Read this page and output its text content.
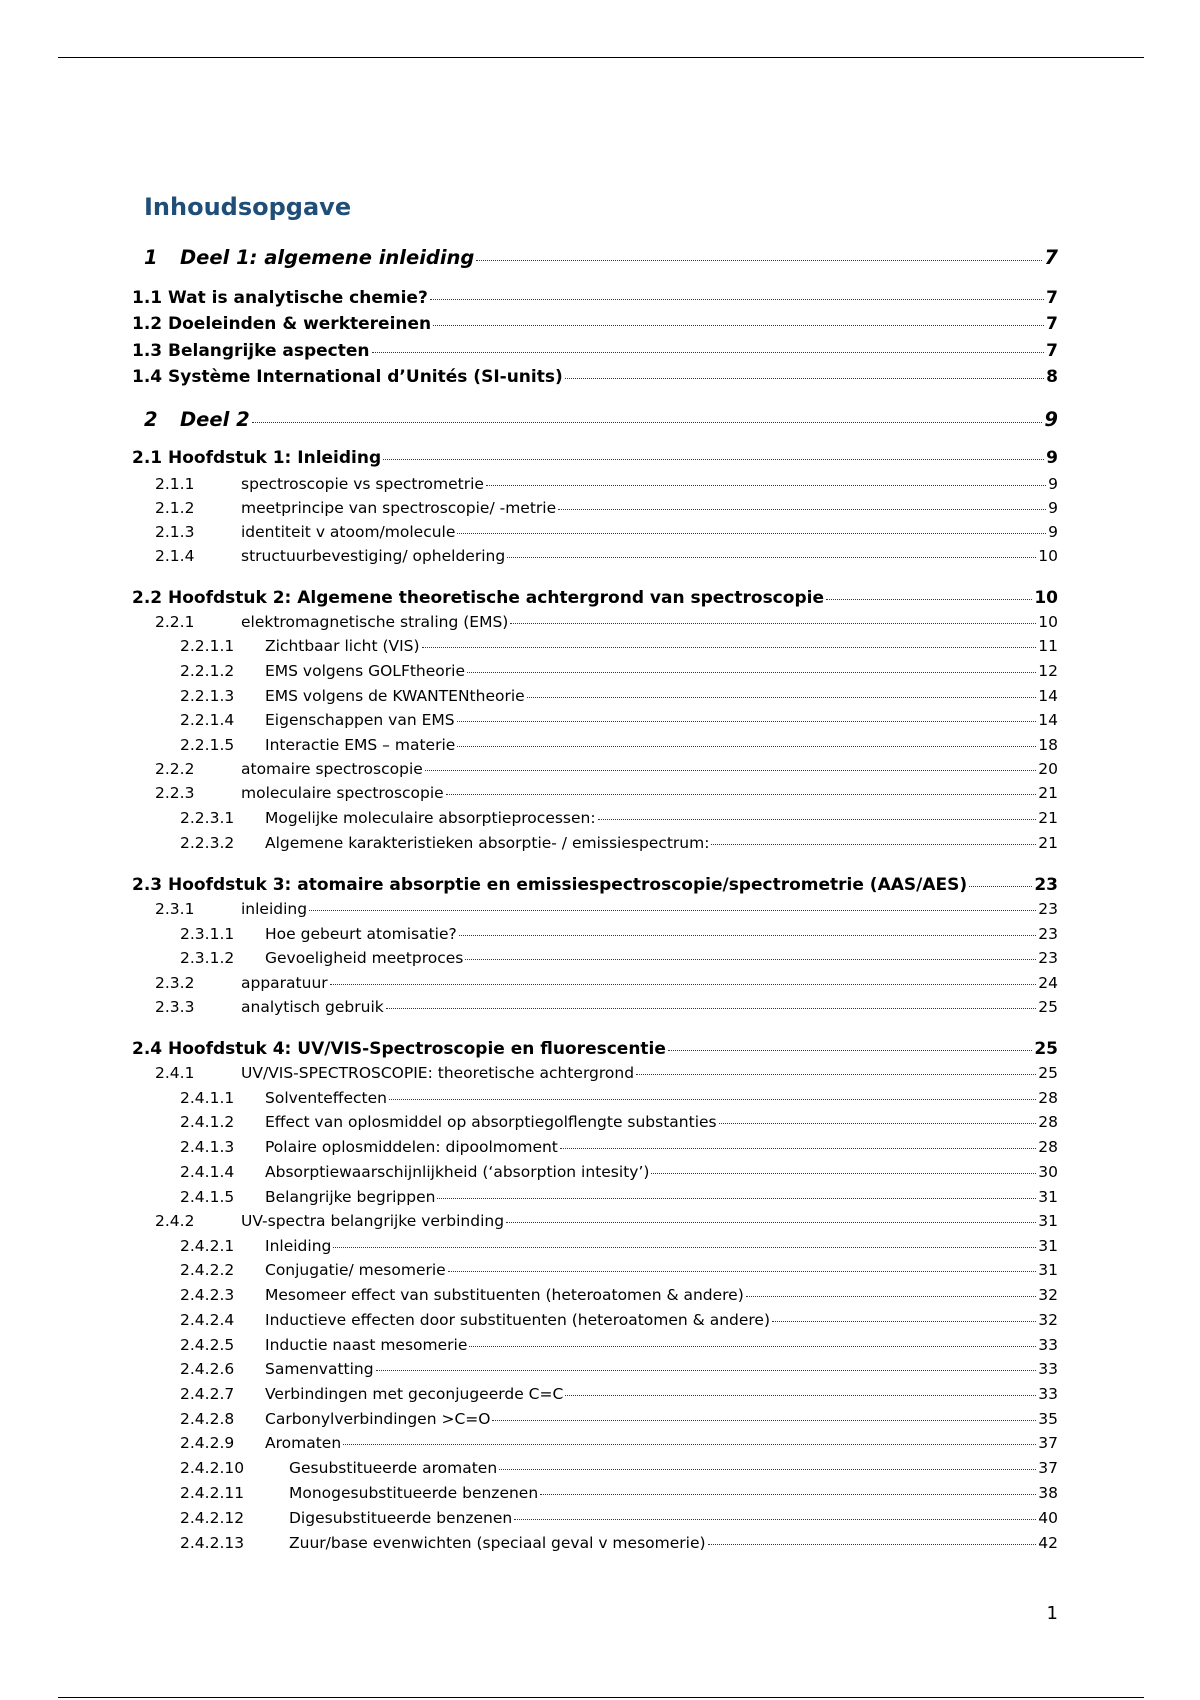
Inhoudsopgave
1	Deel 1: algemene inleiding	7
1.1 Wat is analytische chemie?	7
1.2 Doeleinden & werktereinen	7
1.3 Belangrijke aspecten	7
1.4 Système International d’Unités (SI-units)	8
2	Deel 2	9
2.1 Hoofdstuk 1: Inleiding	9
2.1.1	spectroscopie vs spectrometrie	9
2.1.2	meetprincipe van spectroscopie/ -metrie	9
2.1.3	identiteit v atoom/molecule	9
2.1.4	structuurbevestiging/ opheldering	10
2.2 Hoofdstuk 2: Algemene theoretische achtergrond van spectroscopie	10
2.2.1	elektromagnetische straling (EMS)	10
2.2.1.1	Zichtbaar licht (VIS)	11
2.2.1.2	EMS volgens GOLFtheorie	12
2.2.1.3	EMS volgens de KWANTENtheorie	14
2.2.1.4	Eigenschappen van EMS	14
2.2.1.5	Interactie EMS – materie	18
2.2.2	atomaire spectroscopie	20
2.2.3	moleculaire spectroscopie	21
2.2.3.1	Mogelijke moleculaire absorptieprocessen:	21
2.2.3.2	Algemene karakteristieken absorptie- / emissiespectrum:	21
2.3 Hoofdstuk 3: atomaire absorptie en emissiespectroscopie/spectrometrie (AAS/AES)	23
2.3.1	inleiding	23
2.3.1.1	Hoe gebeurt atomisatie?	23
2.3.1.2	Gevoeligheid meetproces	23
2.3.2	apparatuur	24
2.3.3	analytisch gebruik	25
2.4 Hoofdstuk 4: UV/VIS-Spectroscopie en fluorescentie	25
2.4.1	UV/VIS-SPECTROSCOPIE: theoretische achtergrond	25
2.4.1.1	Solventeffecten	28
2.4.1.2	Effect van oplosmiddel op absorptiegolflengte substanties	28
2.4.1.3	Polaire oplosmiddelen: dipoolmoment	28
2.4.1.4	Absorptiewaarschijnlijkheid (‘absorption intesity’)	30
2.4.1.5	Belangrijke begrippen	31
2.4.2	UV-spectra belangrijke verbinding	31
2.4.2.1	Inleiding	31
2.4.2.2	Conjugatie/ mesomerie	31
2.4.2.3	Mesomeer effect van substituenten (heteroatomen & andere)	32
2.4.2.4	Inductieve effecten door substituenten (heteroatomen & andere)	32
2.4.2.5	Inductie naast mesomerie	33
2.4.2.6	Samenvatting	33
2.4.2.7	Verbindingen met geconjugeerde C=C	33
2.4.2.8	Carbonylverbindingen >C=O	35
2.4.2.9	Aromaten	37
2.4.2.10	Gesubstitueerde aromaten	37
2.4.2.11	Monogesubstitueerde benzenen	38
2.4.2.12	Digesubstitueerde benzenen	40
2.4.2.13	Zuur/base evenwichten (speciaal geval v mesomerie)	42
1
